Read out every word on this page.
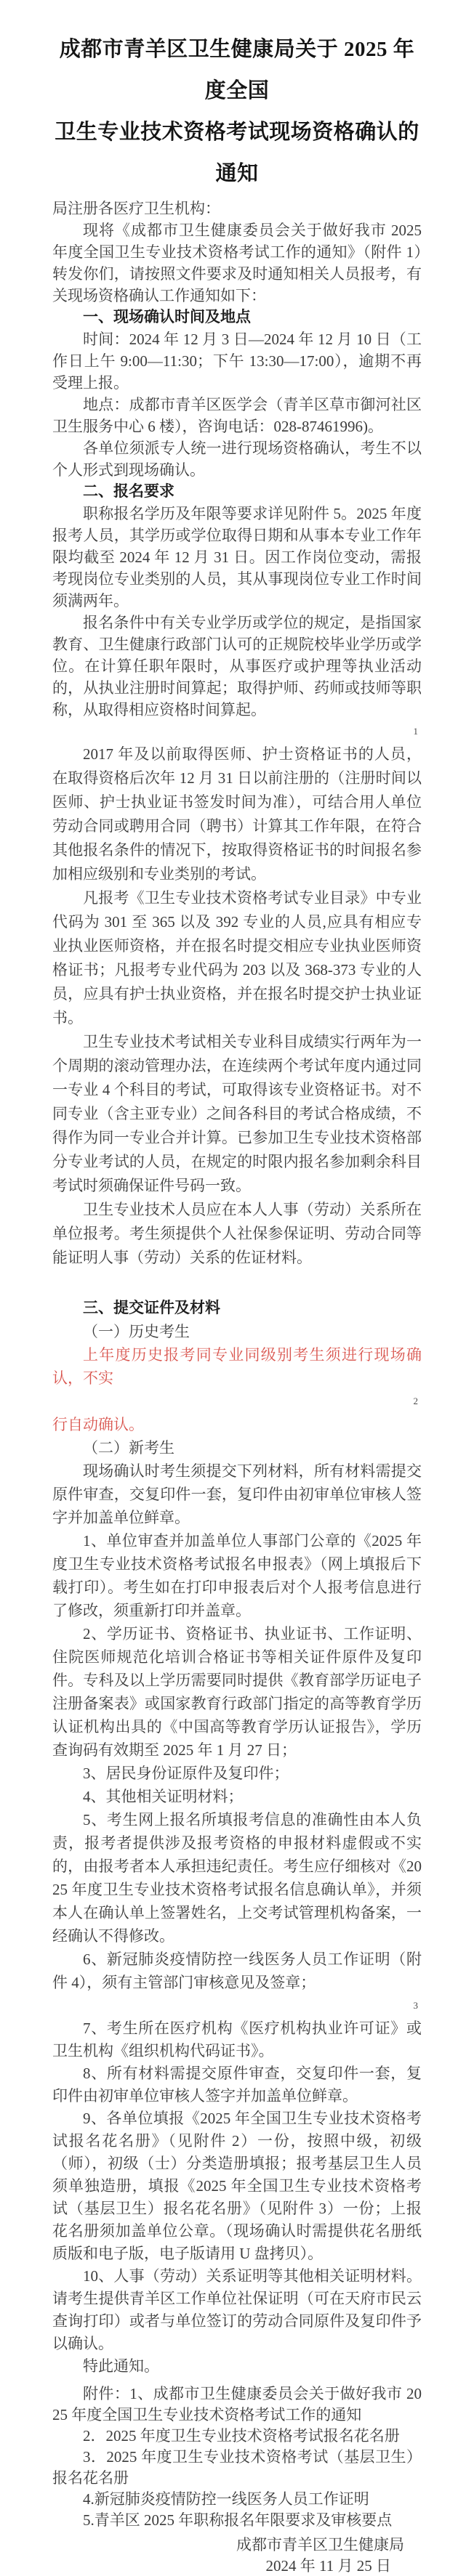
成都市青羊区卫生健康局关于 2025 年度全国
卫生专业技术资格考试现场资格确认的通知
局注册各医疗卫生机构：
现将《成都市卫生健康委员会关于做好我市 2025 年度全国卫生专业技术资格考试工作的通知》（附件 1）转发你们，请按照文件要求及时通知相关人员报考，有关现场资格确认工作通知如下：
一、现场确认时间及地点
时间：2024 年 12 月 3 日—2024 年 12 月 10 日（工作日上午 9:00—11:30；下午 13:30—17:00），逾期不再受理上报。
地点：成都市青羊区医学会（青羊区草市御河社区卫生服务中心 6 楼），咨询电话：028-87461996)。
各单位须派专人统一进行现场资格确认，考生不以个人形式到现场确认。
二、报名要求
职称报名学历及年限等要求详见附件 5。2025 年度报考人员，其学历或学位取得日期和从事本专业工作年限均截至 2024 年 12 月 31 日。因工作岗位变动，需报考现岗位专业类别的人员，其从事现岗位专业工作时间须满两年。
报名条件中有关专业学历或学位的规定，是指国家教育、卫生健康行政部门认可的正规院校毕业学历或学位。在计算任职年限时，从事医疗或护理等执业活动的，从执业注册时间算起；取得护师、药师或技师等职称，从取得相应资格时间算起。
1
2017 年及以前取得医师、护士资格证书的人员，在取得资格后次年 12 月 31 日以前注册的（注册时间以医师、护士执业证书签发时间为准），可结合用人单位劳动合同或聘用合同（聘书）计算其工作年限，在符合其他报名条件的情况下，按取得资格证书的时间报名参加相应级别和专业类别的考试。
凡报考《卫生专业技术资格考试专业目录》中专业代码为 301 至 365 以及 392 专业的人员,应具有相应专业执业医师资格，并在报名时提交相应专业执业医师资格证书；凡报考专业代码为 203 以及 368-373 专业的人员，应具有护士执业资格，并在报名时提交护士执业证书。
卫生专业技术考试相关专业科目成绩实行两年为一个周期的滚动管理办法，在连续两个考试年度内通过同一专业 4 个科目的考试，可取得该专业资格证书。对不同专业（含主亚专业）之间各科目的考试合格成绩，不得作为同一专业合并计算。已参加卫生专业技术资格部分专业考试的人员，在规定的时限内报名参加剩余科目考试时须确保证件号码一致。
卫生专业技术人员应在本人人事（劳动）关系所在单位报考。考生须提供个人社保参保证明、劳动合同等能证明人事（劳动）关系的佐证材料。
三、提交证件及材料
（一）历史考生
上年度历史报考同专业同级别考生须进行现场确认，不实
2
行自动确认。
（二）新考生
现场确认时考生须提交下列材料，所有材料需提交原件审查，交复印件一套，复印件由初审单位审核人签字并加盖单位鲜章。
1、单位审查并加盖单位人事部门公章的《2025 年度卫生专业技术资格考试报名申报表》（网上填报后下载打印）。考生如在打印申报表后对个人报考信息进行了修改，须重新打印并盖章。
2、学历证书、资格证书、执业证书、工作证明、住院医师规范化培训合格证书等相关证件原件及复印件。专科及以上学历需要同时提供《教育部学历证电子注册备案表》或国家教育行政部门指定的高等教育学历认证机构出具的《中国高等教育学历认证报告》，学历查询码有效期至 2025 年 1 月 27 日；
3、居民身份证原件及复印件；
4、其他相关证明材料；
5、考生网上报名所填报考信息的准确性由本人负责，报考者提供涉及报考资格的申报材料虚假或不实的，由报考者本人承担违纪责任。考生应仔细核对《2025 年度卫生专业技术资格考试报名信息确认单》，并须本人在确认单上签署姓名，上交考试管理机构备案，一经确认不得修改。
6、新冠肺炎疫情防控一线医务人员工作证明（附件 4），须有主管部门审核意见及签章；
3
7、考生所在医疗机构《医疗机构执业许可证》或卫生机构《组织机构代码证书》。
8、所有材料需提交原件审查，交复印件一套，复印件由初审单位审核人签字并加盖单位鲜章。
9、各单位填报《2025 年全国卫生专业技术资格考试报名花名册》（见附件 2）一份，按照中级，初级（师），初级（士）分类造册填报；报考基层卫生人员须单独造册，填报《2025 年全国卫生专业技术资格考试（基层卫生）报名花名册》（见附件 3）一份；上报花名册须加盖单位公章。（现场确认时需提供花名册纸质版和电子版，电子版请用 U 盘拷贝）。
10、人事（劳动）关系证明等其他相关证明材料。请考生提供青羊区工作单位社保证明（可在天府市民云查询打印）或者与单位签订的劳动合同原件及复印件予以确认。
特此通知。
附件：1、成都市卫生健康委员会关于做好我市 2025 年度全国卫生专业技术资格考试工作的通知
2．2025 年度卫生专业技术资格考试报名花名册
3．2025 年度卫生专业技术资格考试（基层卫生）报名花名册
4.新冠肺炎疫情防控一线医务人员工作证明
5.青羊区 2025 年职称报名年限要求及审核要点
成都市青羊区卫生健康局
2024 年 11 月 25 日
